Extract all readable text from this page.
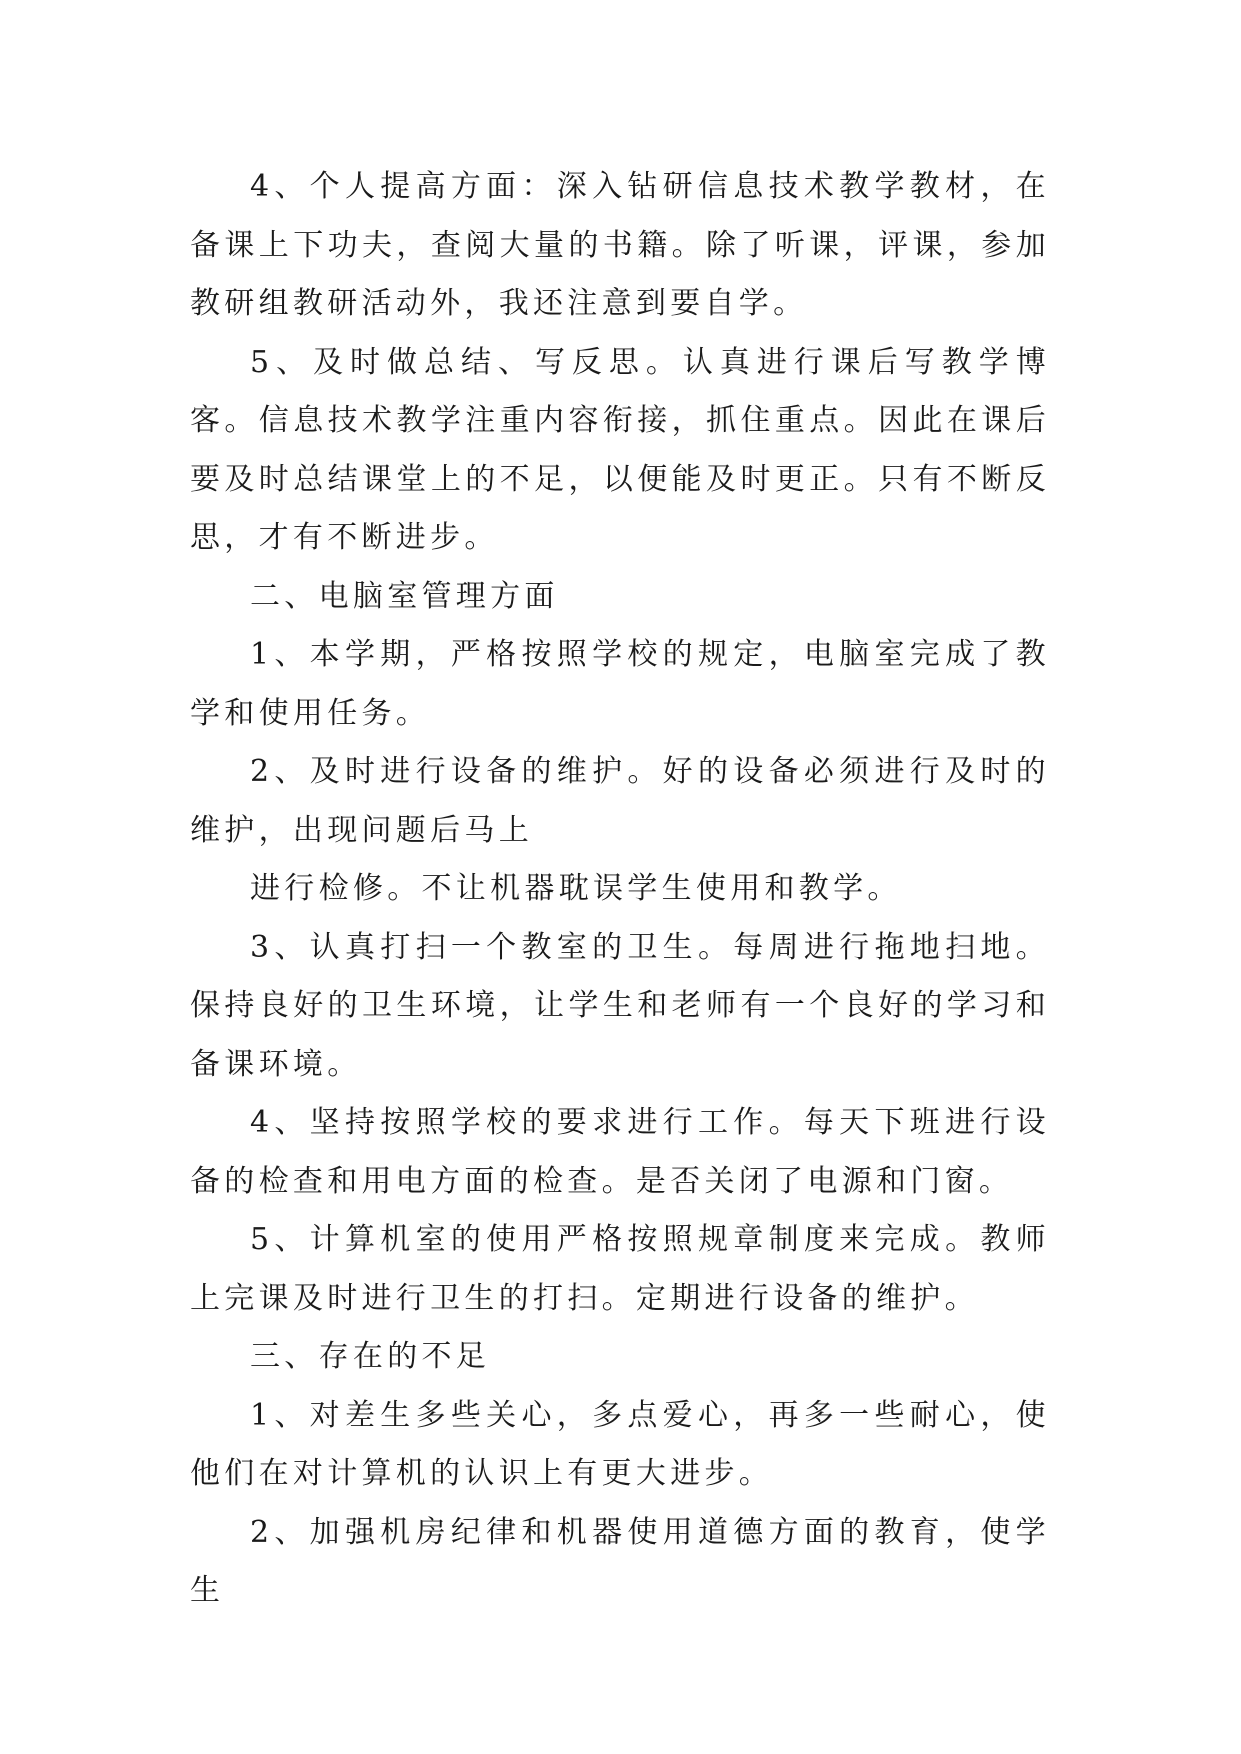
4、个人提高方面：深入钻研信息技术教学教材，在备课上下功夫，查阅大量的书籍。除了听课，评课，参加教研组教研活动外，我还注意到要自学。

5、及时做总结、写反思。认真进行课后写教学博客。信息技术教学注重内容衔接，抓住重点。因此在课后要及时总结课堂上的不足，以便能及时更正。只有不断反思，才有不断进步。

二、电脑室管理方面

1、本学期，严格按照学校的规定，电脑室完成了教学和使用任务。

2、及时进行设备的维护。好的设备必须进行及时的维护，出现问题后马上

进行检修。不让机器耽误学生使用和教学。

3、认真打扫一个教室的卫生。每周进行拖地扫地。保持良好的卫生环境，让学生和老师有一个良好的学习和备课环境。

4、坚持按照学校的要求进行工作。每天下班进行设备的检查和用电方面的检查。是否关闭了电源和门窗。

5、计算机室的使用严格按照规章制度来完成。教师上完课及时进行卫生的打扫。定期进行设备的维护。

三、存在的不足

1、对差生多些关心，多点爱心，再多一些耐心，使他们在对计算机的认识上有更大进步。

2、加强机房纪律和机器使用道德方面的教育，使学生
